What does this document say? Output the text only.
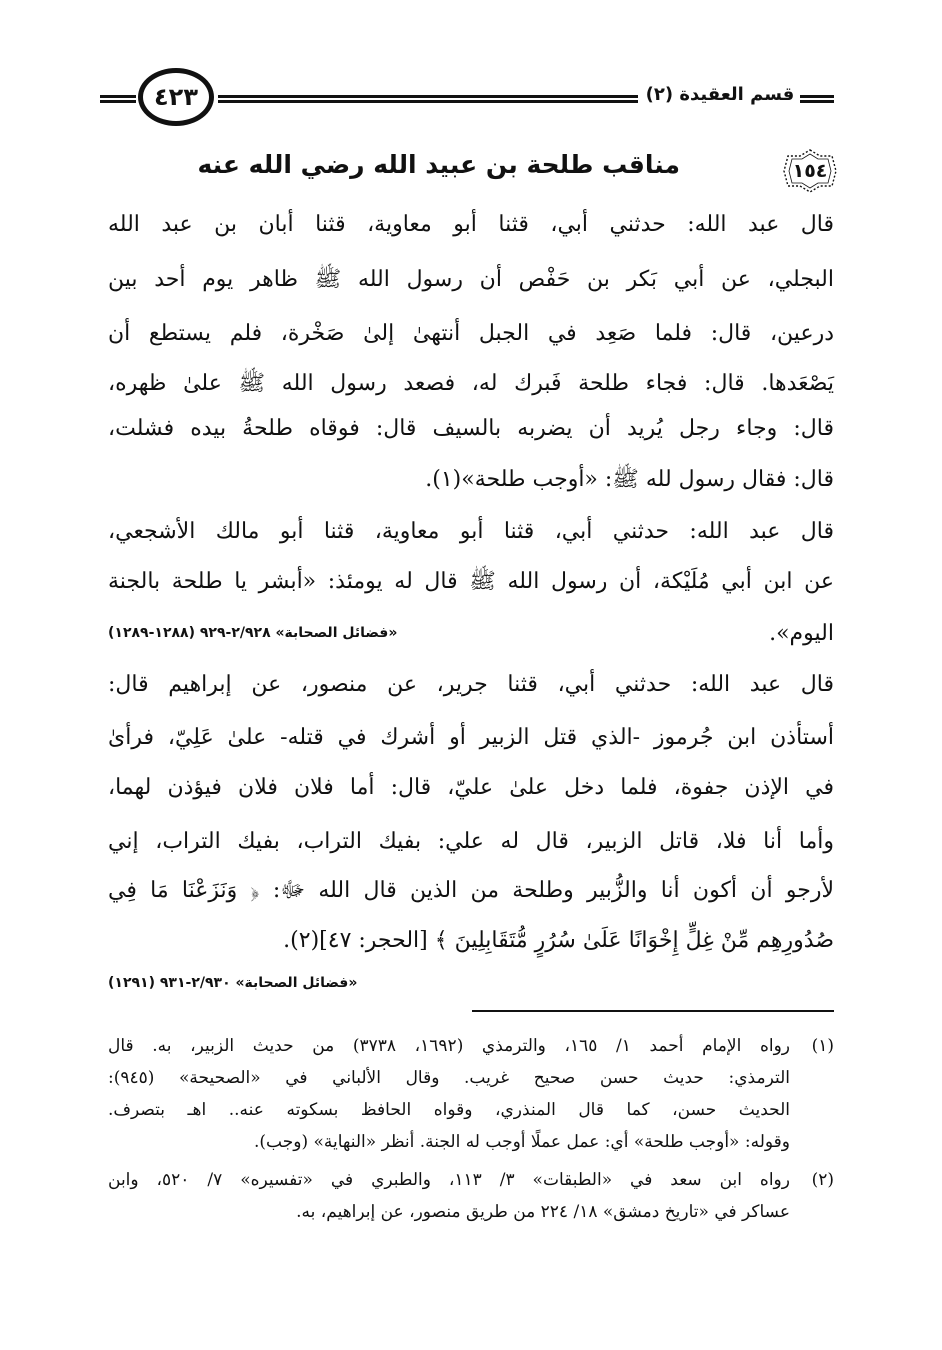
٤٢٣	قسم العقيدة (٢)
١٥٤
مناقب طلحة بن عبيد الله رضي الله عنه
قال عبد الله: حدثني أبي، قثنا أبو معاوية، قثنا أبان بن عبد الله
البجلي، عن أبي بَكر بن حَفْص أن رسول الله ﷺ ظاهر يوم أحد بين
درعين، قال: فلما صَعِد في الجبل أنتهىٰ إلىٰ صَخْرة، فلم يستطع أن
يَصْعَدها. قال: فجاء طلحة فَبرك له، فصعد رسول الله ﷺ علىٰ ظهره،
قال: وجاء رجل يُريد أن يضربه بالسيف قال: فوقاه طلحةُ بيده فشلت،
قال: فقال رسول لله ﷺ: «أوجب طلحة»(١).
قال عبد الله: حدثني أبي، قثنا أبو معاوية، قثنا أبو مالك الأشجعي،
عن ابن أبي مُلَيْكة، أن رسول الله ﷺ قال له يومئذ: «أبشر يا طلحة بالجنة
اليوم».
«فضائل الصحابة» ٢/٩٢٨-٩٢٩ (١٢٨٨-١٢٨٩)
قال عبد الله: حدثني أبي، قثنا جرير، عن منصور، عن إبراهيم قال:
أستأذن ابن جُرموز -الذي قتل الزبير أو أشرك في قتله- علىٰ عَلِيّ، فرأىٰ
في الإذن جفوة، فلما دخل علىٰ عليّ، قال: أما فلان فلان فيؤذن لهما،
وأما أنا فلا، قاتل الزبير، قال له علي: بفيك التراب، بفيك التراب، إني
لأرجو أن أكون أنا والزُّبير وطلحة من الذين قال الله ﷻ: ﴿ وَنَزَعْنَا مَا فِي
صُدُورِهِم مِّنْ غِلٍّ إِخْوَانًا عَلَىٰ سُرُرٍ مُّتَقَابِلِينَ ﴾ [الحجر: ٤٧](٢).
«فضائل الصحابة» ٢/٩٣٠-٩٣١ (١٢٩١)
رواه الإمام أحمد ١/ ١٦٥، والترمذي (١٦٩٢، ٣٧٣٨) من حديث الزبير، به. قال	(١)
الترمذي: حديث حسن صحيح غريب. وقال الألباني في «الصحيحة» (٩٤٥):
الحديث حسن، كما قال المنذري، وقواه الحافظ بسكوته عنه.. اهـ بتصرف.
وقوله: «أوجب طلحة» أي: عمل عملًا أوجب له الجنة. أنظر «النهاية» (وجب).
(٢)
رواه ابن سعد في «الطبقات» ٣/ ١١٣، والطبري في «تفسيره» ٧/ ٥٢٠، وابن
عساكر في «تاريخ دمشق» ١٨/ ٢٢٤ من طريق منصور، عن إبراهيم، به.
